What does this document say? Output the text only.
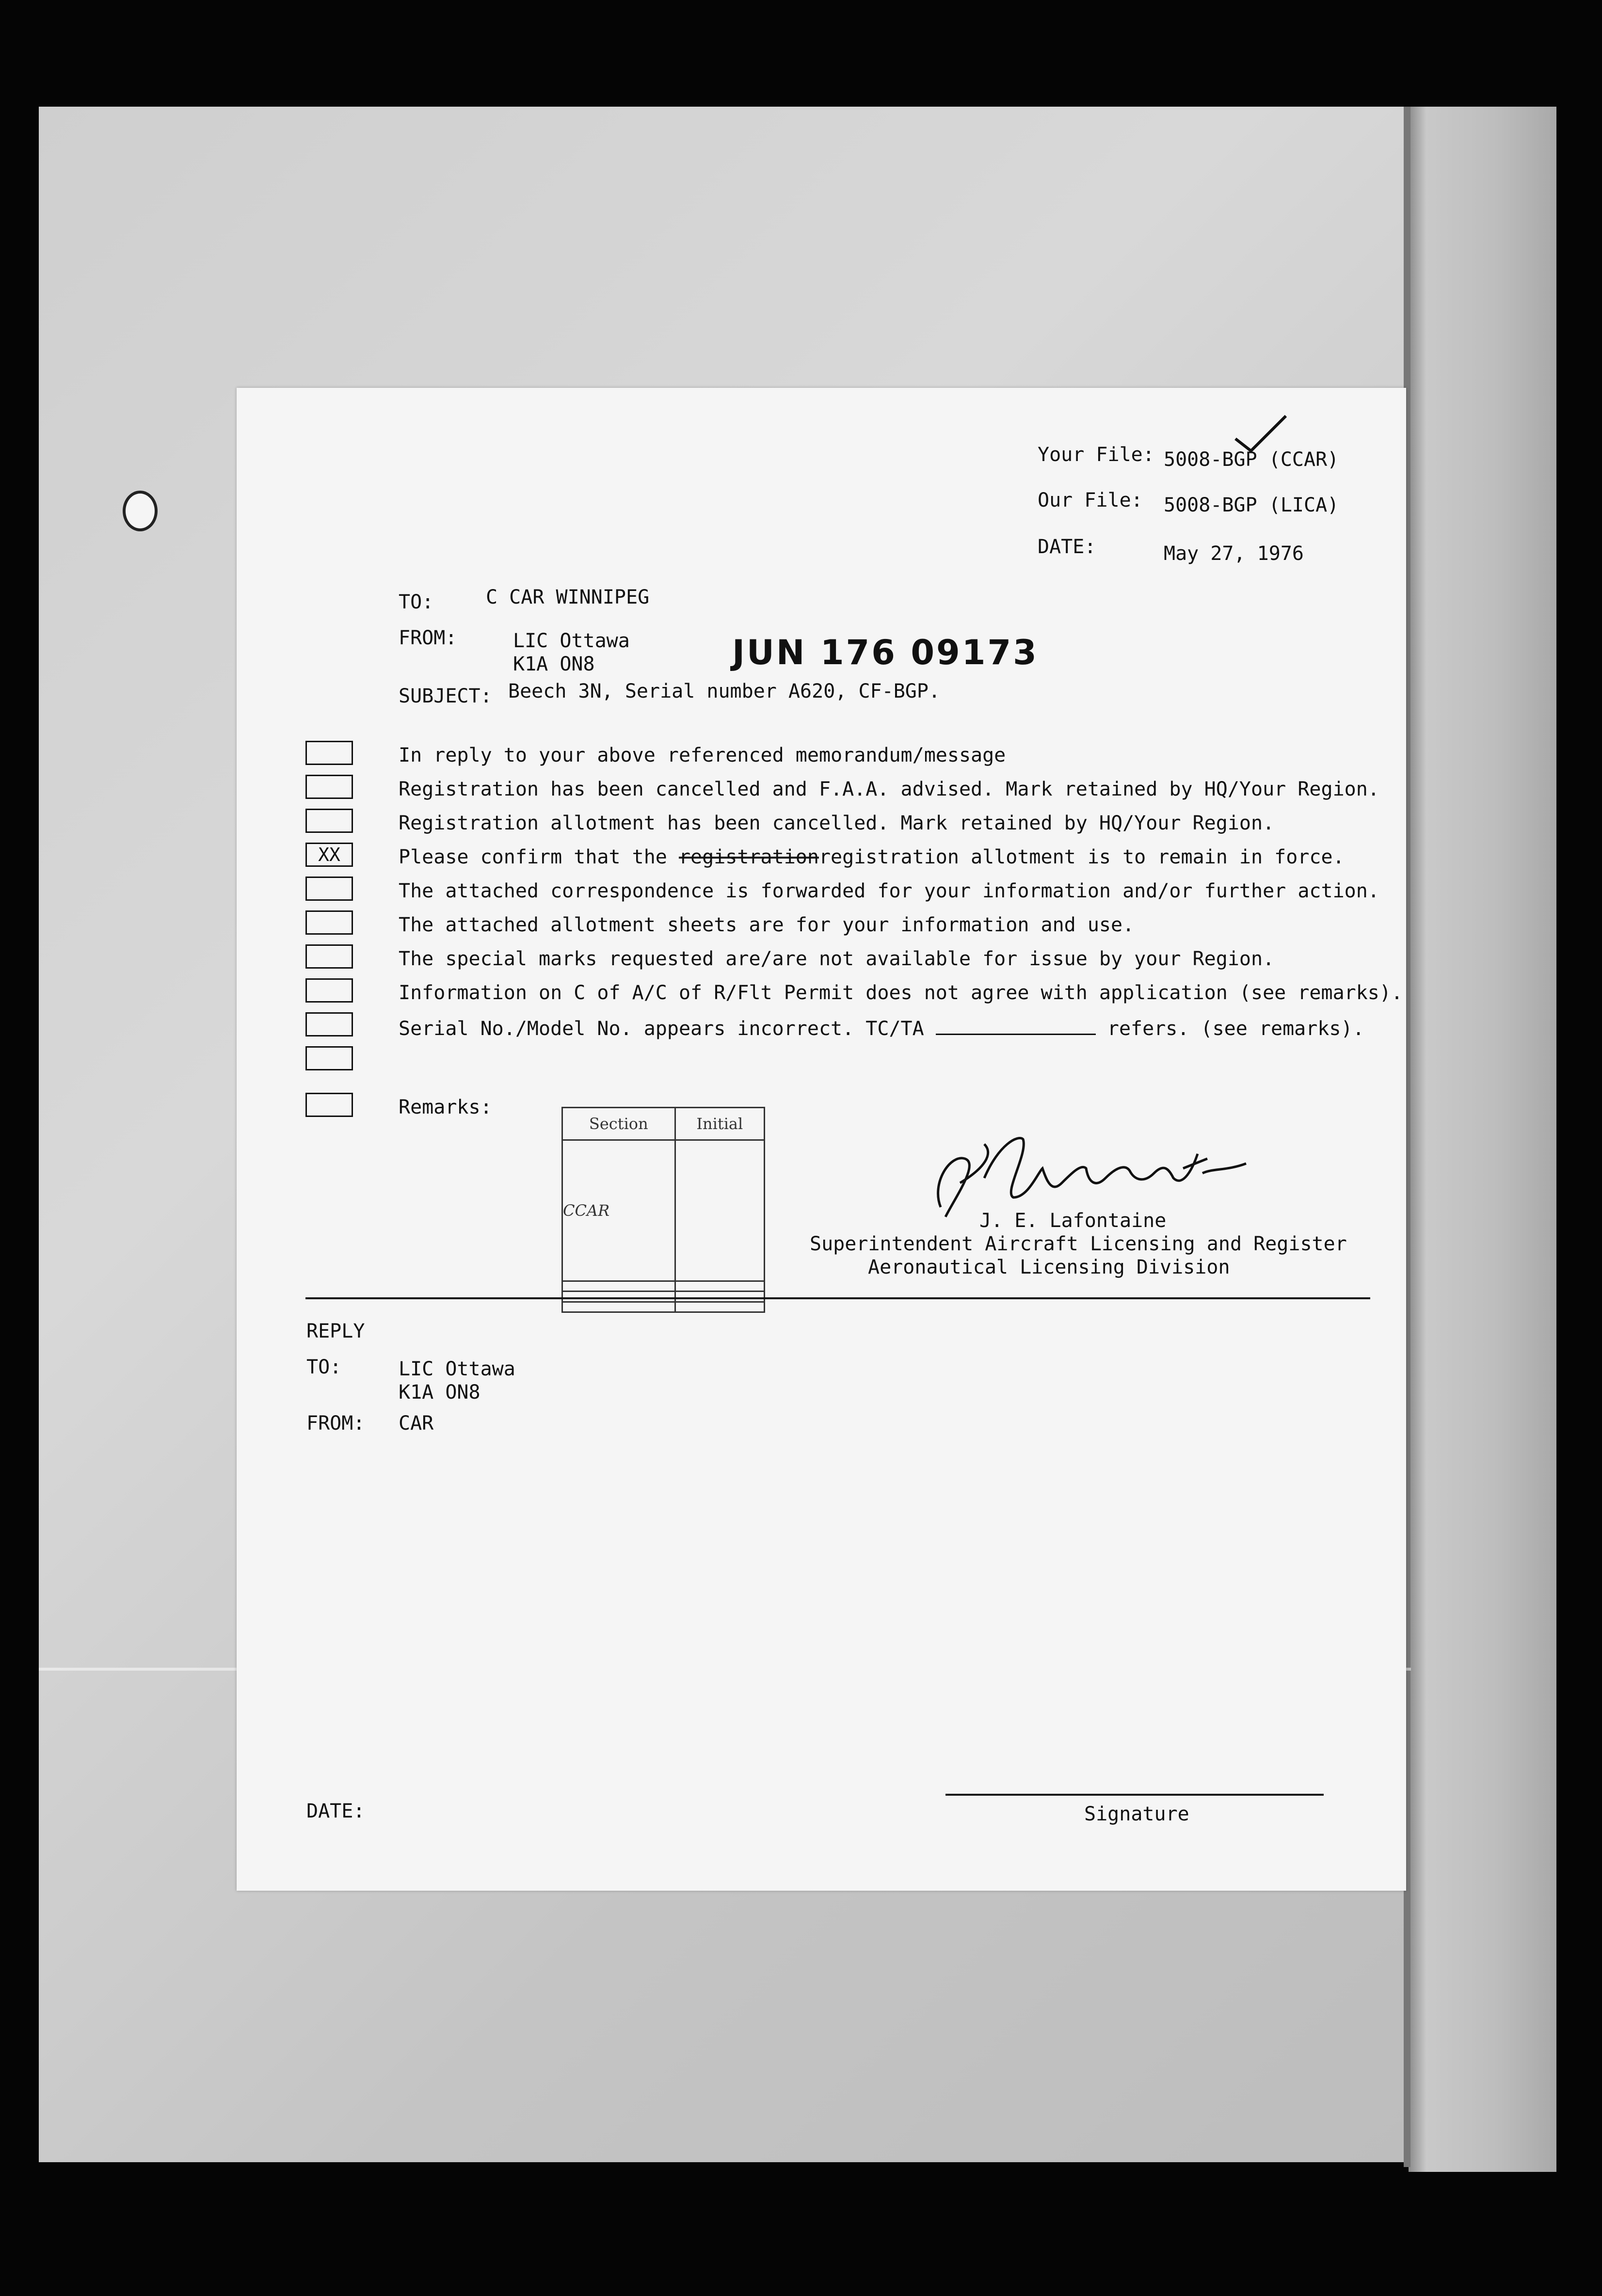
Your File: 5008-BGP (CCAR)
Our File: 5008-BGP (LICA)
DATE:	May 27, 1976
TO:	C CAR WINNIPEG
FROM:	LIC Ottawa
K1A ON8	JUN 176 09173
SUBJECT: Beech 3N, Serial number A620, CF-BGP.
In reply to your above referenced memorandum/message
Registration has been cancelled and F.A.A. advised. Mark retained by HQ/Your Region.
Registration allotment has been cancelled. Mark retained by HQ/Your Region.
XX	Please confirm that the registrationregistration allotment is to remain in force.
The attached correspondence is forwarded for your information and/or further action.
The attached allotment sheets are for your information and use.
The special marks requested are/are not available for issue by your Region.
Information on C of A/C of R/Flt Permit does not agree with application (see remarks).
Serial No./Model No. appears incorrect. TC/TA	refers. (see remarks).
Remarks:
Section	Initial
CCAR	

		J. E. Lafontaine
Superintendent Aircraft Licensing and Register
Aeronautical Licensing Division
REPLY
TO:	LIC Ottawa
K1A ON8
FROM: CAR
DATE:	Signature
